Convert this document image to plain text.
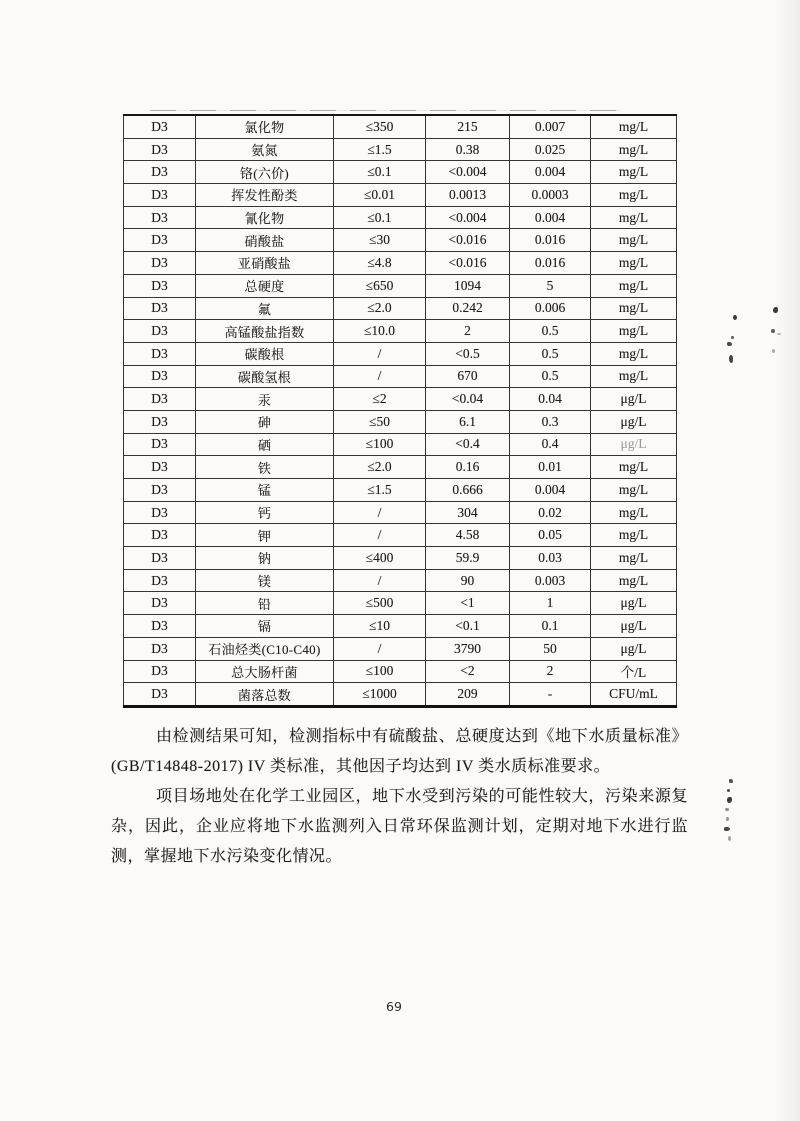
D3	氯化物	≤350	215	0.007	mg/L
D3	氨氮	≤1.5	0.38	0.025	mg/L
D3	铬(六价)	≤0.1	<0.004	0.004	mg/L
D3	挥发性酚类	≤0.01	0.0013	0.0003	mg/L
D3	氰化物	≤0.1	<0.004	0.004	mg/L
D3	硝酸盐	≤30	<0.016	0.016	mg/L
D3	亚硝酸盐	≤4.8	<0.016	0.016	mg/L
D3	总硬度	≤650	1094	5	mg/L
D3	氟	≤2.0	0.242	0.006	mg/L
D3	高锰酸盐指数	≤10.0	2	0.5	mg/L
D3	碳酸根	/	<0.5	0.5	mg/L
D3	碳酸氢根	/	670	0.5	mg/L
D3	汞	≤2	<0.04	0.04	μg/L
D3	砷	≤50	6.1	0.3	μg/L
D3	硒	≤100	<0.4	0.4	μg/L
D3	铁	≤2.0	0.16	0.01	mg/L
D3	锰	≤1.5	0.666	0.004	mg/L
D3	钙	/	304	0.02	mg/L
D3	钾	/	4.58	0.05	mg/L
D3	钠	≤400	59.9	0.03	mg/L
D3	镁	/	90	0.003	mg/L
D3	铅	≤500	<1	1	μg/L
D3	镉	≤10	<0.1	0.1	μg/L
D3	石油烃类(C10-C40)	/	3790	50	μg/L
D3	总大肠杆菌	≤100	<2	2	个/L
D3	菌落总数	≤1000	209	-	CFU/mL

由检测结果可知，检测指标中有硫酸盐、总硬度达到《地下水质量标准》(GB/T14848-2017) IV 类标准，其他因子均达到 IV 类水质标准要求。

项目场地处在化学工业园区，地下水受到污染的可能性较大，污染来源复杂，因此，企业应将地下水监测列入日常环保监测计划，定期对地下水进行监测，掌握地下水污染变化情况。

69
